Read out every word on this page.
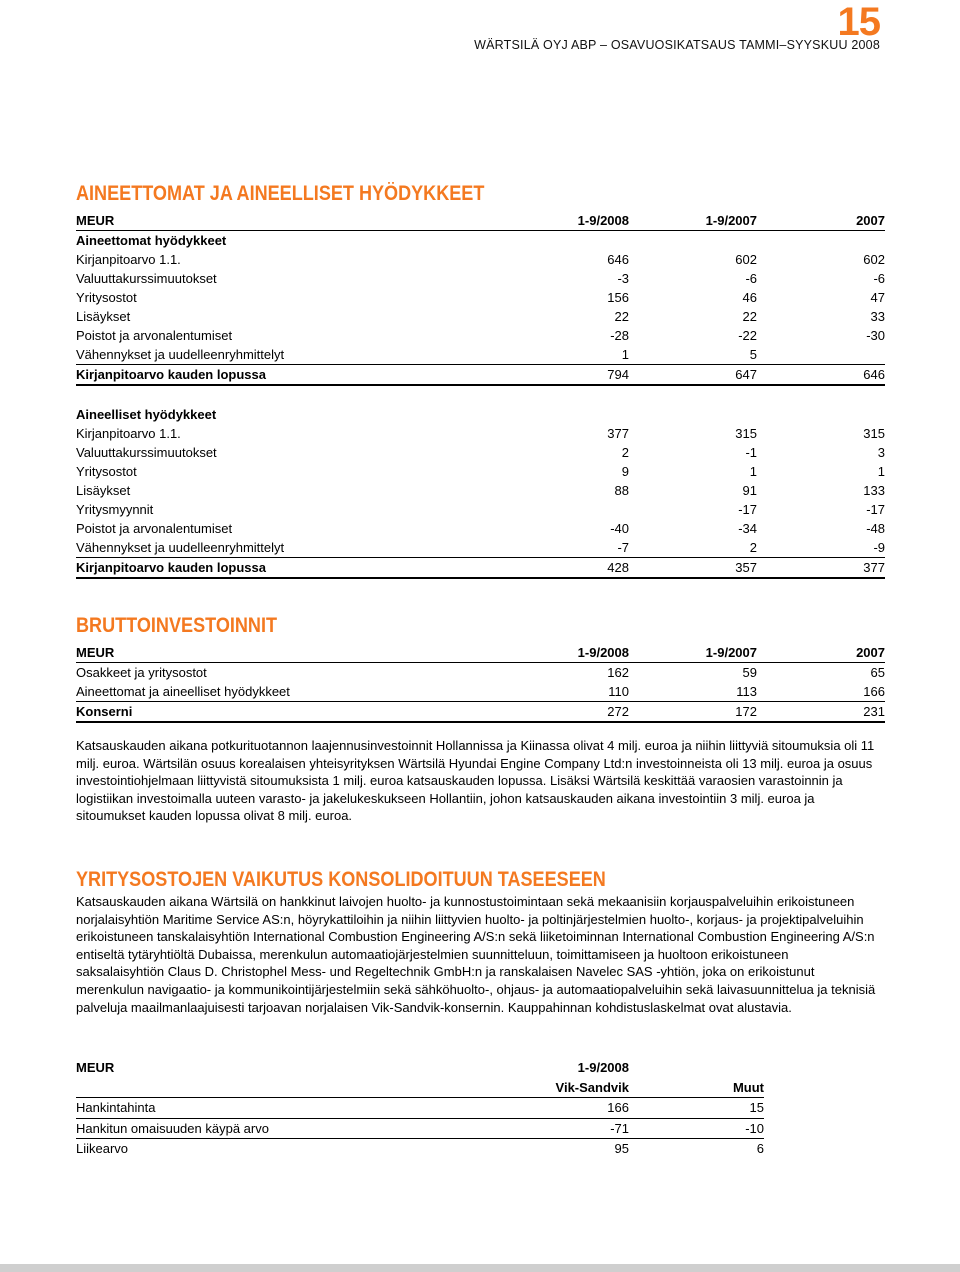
15
WÄRTSILÄ OYJ ABP – OSAVUOSIKATSAUS TAMMI–SYYSKUU 2008
AINEETTOMAT JA AINEELLISET HYÖDYKKEET
MEUR	1-9/2008	1-9/2007	2007
Aineettomat hyödykkeet			
Kirjanpitoarvo 1.1.	646	602	602
Valuuttakurssimuutokset	-3	-6	-6
Yritysostot	156	46	47
Lisäykset	22	22	33
Poistot ja arvonalentumiset	-28	-22	-30
Vähennykset ja uudelleenryhmittelyt	1	5	
Kirjanpitoarvo kauden lopussa	794	647	646

Aineelliset hyödykkeet			
Kirjanpitoarvo 1.1.	377	315	315
Valuuttakurssimuutokset	2	-1	3
Yritysostot	9	1	1
Lisäykset	88	91	133
Yritysmyynnit		-17	-17
Poistot ja arvonalentumiset	-40	-34	-48
Vähennykset ja uudelleenryhmittelyt	-7	2	-9
Kirjanpitoarvo kauden lopussa	428	357	377
BRUTTOINVESTOINNIT
MEUR	1-9/2008	1-9/2007	2007
Osakkeet ja yritysostot	162	59	65
Aineettomat ja aineelliset hyödykkeet	110	113	166
Konserni	272	172	231

Katsauskauden aikana potkurituotannon laajennusinvestoinnit Hollannissa ja Kiinassa olivat 4 milj. euroa ja niihin liittyviä sitoumuksia oli 11 milj. euroa. Wärtsilän osuus korealaisen yhteisyrityksen Wärtsilä Hyundai Engine Company Ltd:n investoinneista oli 13 milj. euroa ja osuus investointiohjelmaan liittyvistä sitoumuksista 1 milj. euroa katsauskauden lopussa. Lisäksi Wärtsilä keskittää varaosien varastoinnin ja logistiikan investoimalla uuteen varasto- ja jakelukeskukseen Hollantiin, johon katsauskauden aikana investointiin 3 milj. euroa ja sitoumukset kauden lopussa olivat 8 milj. euroa.

YRITYSOSTOJEN VAIKUTUS KONSOLIDOITUUN TASEESEEN

Katsauskauden aikana Wärtsilä on hankkinut laivojen huolto- ja kunnostustoimintaan sekä mekaanisiin korjauspalveluihin erikoistuneen norjalaisyhtiön Maritime Service AS:n, höyrykattiloihin ja niihin liittyvien huolto- ja poltinjärjestelmien huolto-, korjaus- ja projektipalveluihin erikoistuneen tanskalaisyhtiön International Combustion Engineering A/S:n sekä liiketoiminnan International Combustion Engineering A/S:n entiseltä tytäryhtiöltä Dubaissa, merenkulun automaatiojärjestelmien suunnitteluun, toimittamiseen ja huoltoon erikoistuneen saksalaisyhtiön Claus D. Christophel Mess- und Regeltechnik GmbH:n ja ranskalaisen Navelec SAS -yhtiön, joka on erikoistunut merenkulun navigaatio- ja kommunikointijärjestelmiin sekä sähköhuolto-, ohjaus- ja automaatiopalveluihin sekä laivasuunnittelua ja teknisiä palveluja maailmanlaajuisesti tarjoavan norjalaisen Vik-Sandvik-konsernin. Kauppahinnan kohdistuslaskelmat ovat alustavia.

MEUR	1-9/2008	
	Vik-Sandvik	Muut
Hankintahinta	166	15
Hankitun omaisuuden käypä arvo	-71	-10
Liikearvo	95	6
